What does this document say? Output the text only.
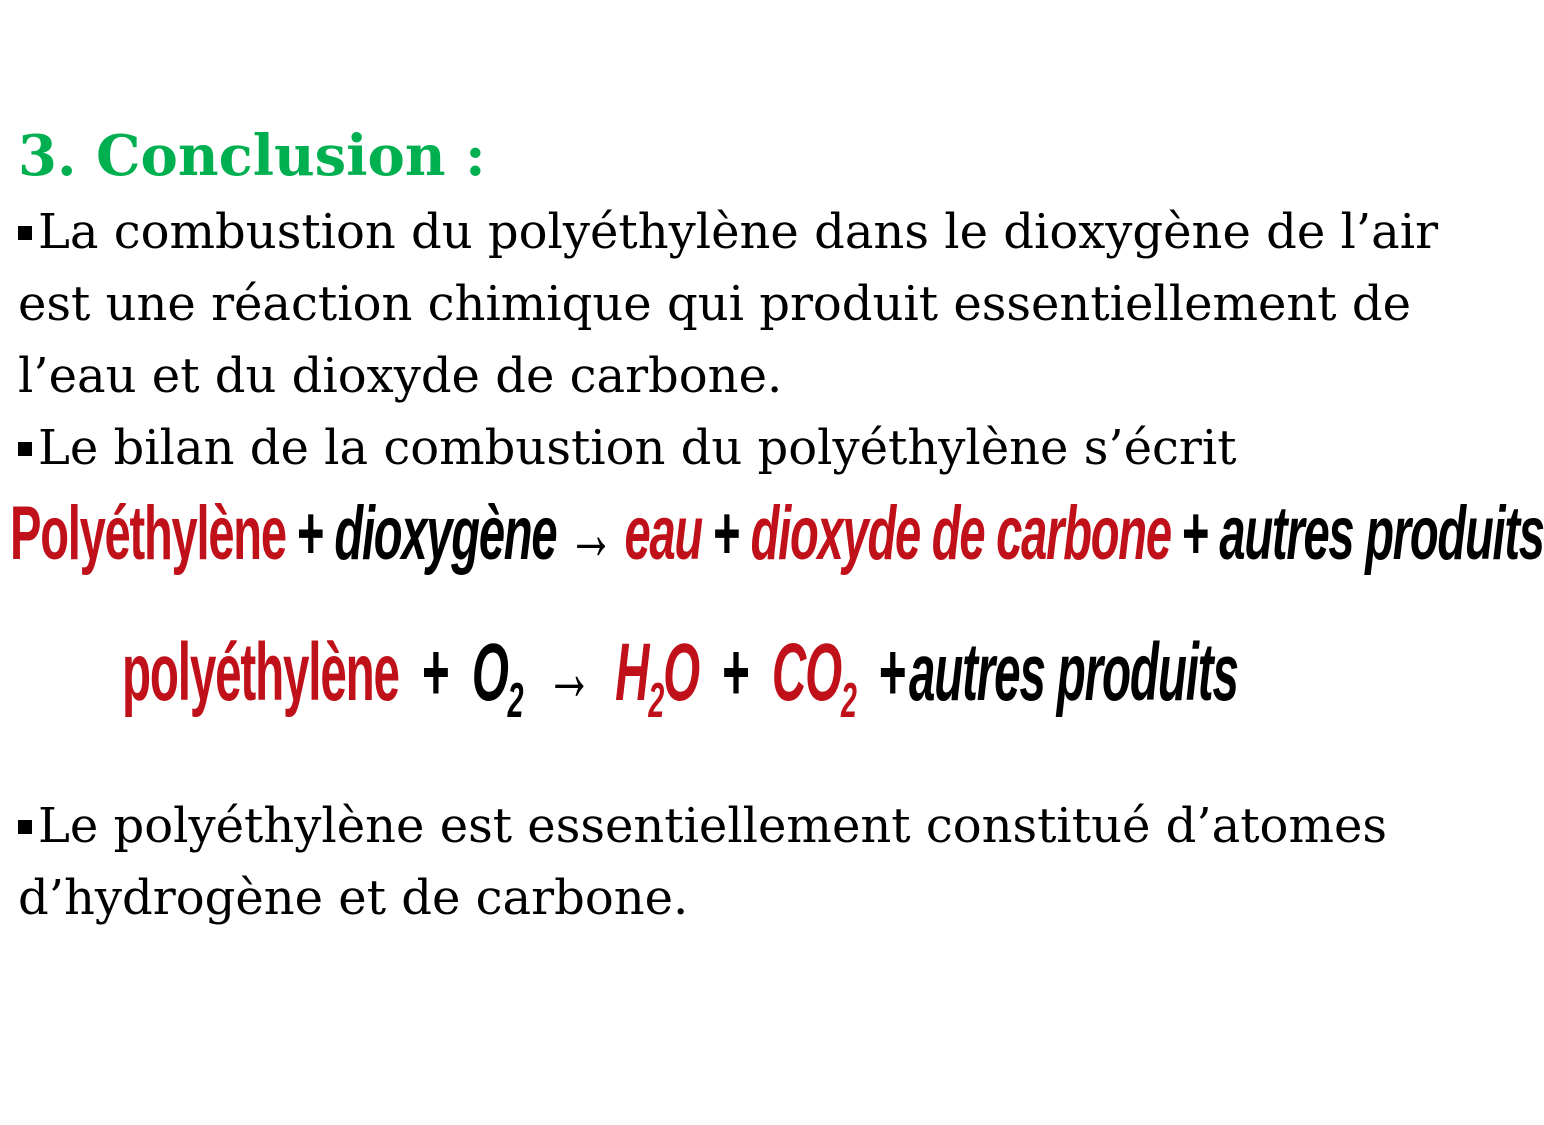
3. Conclusion :
La combustion du polyéthylène dans le dioxygène de l’air
est une réaction chimique qui produit essentiellement de
l’eau et du dioxyde de carbone.
Le bilan de la combustion du polyéthylène s’écrit
Polyéthylène + dioxygène → eau + dioxyde de carbone + autres produits
polyéthylène + $O_2 \to H_2O + CO_2$ +autres produits
Le polyéthylène est essentiellement constitué d’atomes
d’hydrogène et de carbone.
